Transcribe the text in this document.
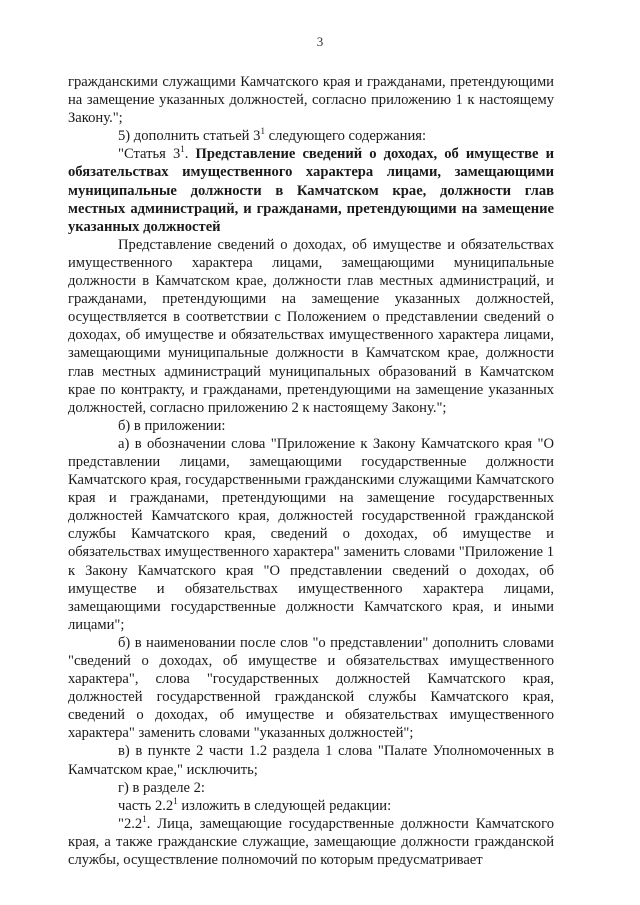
3

гражданскими служащими Камчатского края и гражданами, претендующими на замещение указанных должностей, согласно приложению 1 к настоящему Закону.";

5) дополнить статьей $3^1$ следующего содержания:

"Статья $3^1$. Представление сведений о доходах, об имуществе и обязательствах имущественного характера лицами, замещающими муниципальные должности в Камчатском крае, должности глав местных администраций, и гражданами, претендующими на замещение указанных должностей

Представление сведений о доходах, об имуществе и обязательствах имущественного характера лицами, замещающими муниципальные должности в Камчатском крае, должности глав местных администраций, и гражданами, претендующими на замещение указанных должностей, осуществляется в соответствии с Положением о представлении сведений о доходах, об имуществе и обязательствах имущественного характера лицами, замещающими муниципальные должности в Камчатском крае, должности глав местных администраций муниципальных образований в Камчатском крае по контракту, и гражданами, претендующими на замещение указанных должностей, согласно приложению 2 к настоящему Закону.";

б) в приложении:

а) в обозначении слова "Приложение к Закону Камчатского края "О представлении лицами, замещающими государственные должности Камчатского края, государственными гражданскими служащими Камчатского края и гражданами, претендующими на замещение государственных должностей Камчатского края, должностей государственной гражданской службы Камчатского края, сведений о доходах, об имуществе и обязательствах имущественного характера" заменить словами "Приложение 1 к Закону Камчатского края "О представлении сведений о доходах, об имуществе и обязательствах имущественного характера лицами, замещающими государственные должности Камчатского края, и иными лицами";

б) в наименовании после слов "о представлении" дополнить словами "сведений о доходах, об имуществе и обязательствах имущественного характера", слова "государственных должностей Камчатского края, должностей государственной гражданской службы Камчатского края, сведений о доходах, об имуществе и обязательствах имущественного характера" заменить словами "указанных должностей";

в) в пункте 2 части 1.2 раздела 1 слова "Палате Уполномоченных в Камчатском крае," исключить;

г) в разделе 2:

часть $2.2^1$ изложить в следующей редакции:

"$2.2^1$. Лица, замещающие государственные должности Камчатского края, а также гражданские служащие, замещающие должности гражданской службы, осуществление полномочий по которым предусматривает
